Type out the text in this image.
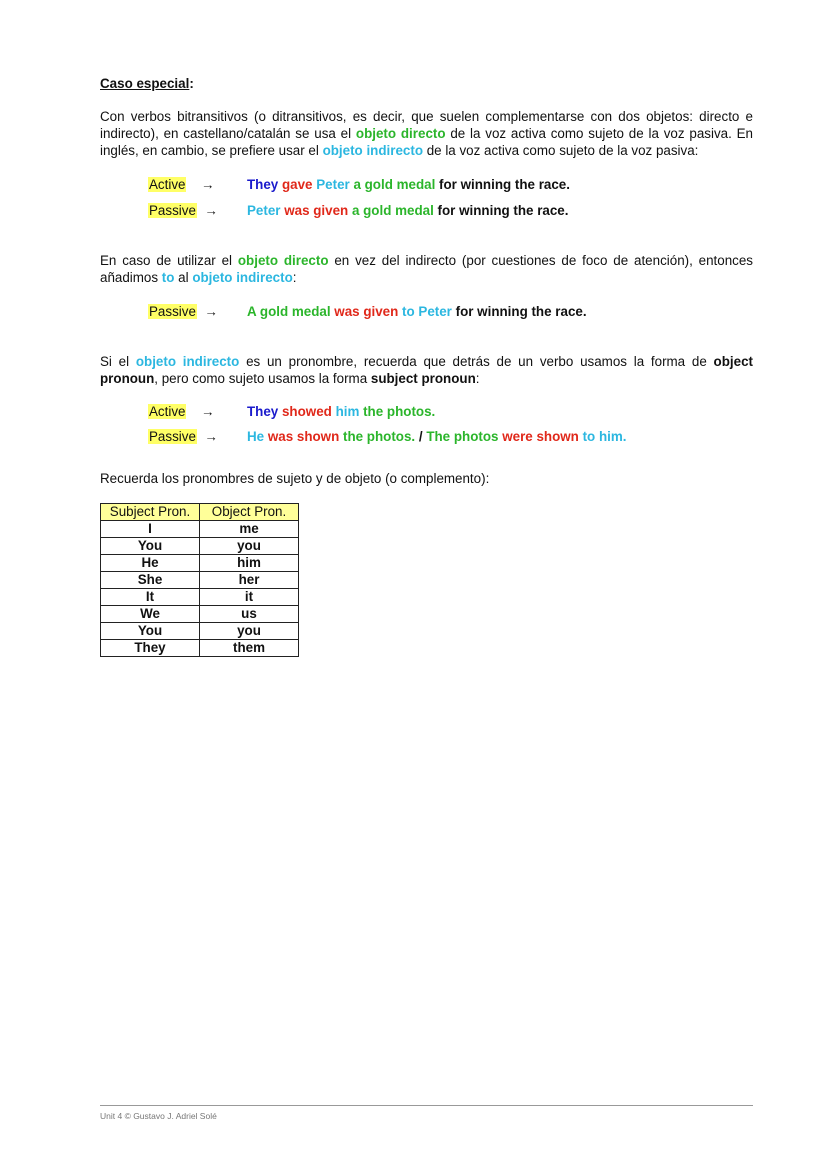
Caso especial:
Con verbos bitransitivos (o ditransitivos, es decir, que suelen complementarse con dos objetos: directo e indirecto), en castellano/catalán se usa el objeto directo de la voz activa como sujeto de la voz pasiva. En inglés, en cambio, se prefiere usar el objeto indirecto de la voz activa como sujeto de la voz pasiva:
Active → They gave Peter a gold medal for winning the race.
Passive → Peter was given a gold medal for winning the race.
En caso de utilizar el objeto directo en vez del indirecto (por cuestiones de foco de atención), entonces añadimos to al objeto indirecto:
Passive → A gold medal was given to Peter for winning the race.
Si el objeto indirecto es un pronombre, recuerda que detrás de un verbo usamos la forma de object pronoun, pero como sujeto usamos la forma subject pronoun:
Active → They showed him the photos.
Passive → He was shown the photos. / The photos were shown to him.
Recuerda los pronombres de sujeto y de objeto (o complemento):
Subject Pron.	Object Pron.
I	me
You	you
He	him
She	her
It	it
We	us
You	you
They	them
Unit 4 © Gustavo J. Adriel Solé
